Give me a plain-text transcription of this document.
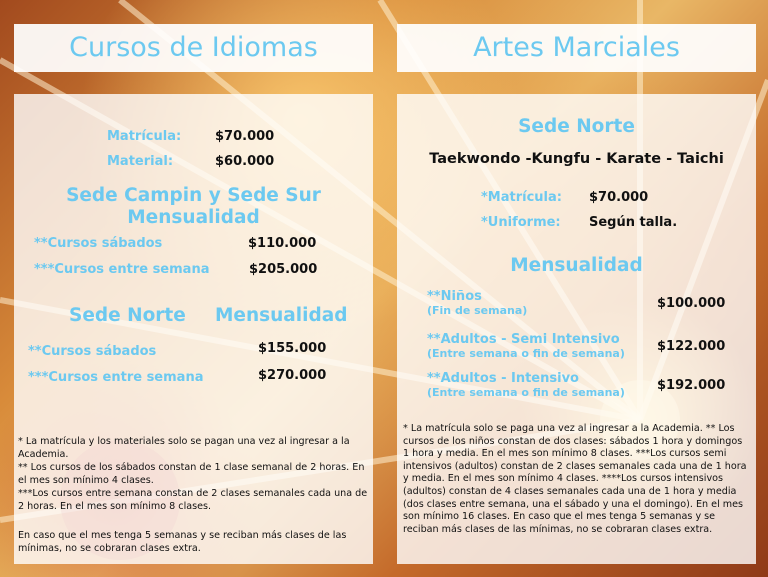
Cursos de Idiomas
Matrícula:	$70.000
Material:	$60.000
Sede Campin y Sede Sur
Mensualidad
**Cursos sábados	$110.000
***Cursos entre semana	$205.000
Sede Norte Mensualidad
**Cursos sábados	$155.000
***Cursos entre semana	$270.000
* La matrícula y los materiales solo se pagan una vez al ingresar a la Academia.
** Los cursos de los sábados constan de 1 clase semanal de 2 horas. En el mes son mínimo 4 clases.
***Los cursos entre semana constan de 2 clases semanales cada una de 2 horas. En el mes son mínimo 8 clases.
En caso que el mes tenga 5 semanas y se reciban más clases de las mínimas, no se cobraran clases extra.
Artes Marciales
Sede Norte
Taekwondo -Kungfu - Karate - Taichi
*Matrícula: $70.000
*Uniforme: Según talla.
Mensualidad
**Niños
(Fin de semana)	$100.000
**Adultos - Semi Intensivo
(Entre semana o fin de semana) $122.000
**Adultos - Intensivo
(Entre semana o fin de semana) $192.000
* La matrícula solo se paga una vez al ingresar a la Academia. ** Los cursos de los niños constan de dos clases: sábados 1 hora y domingos 1 hora y media. En el mes son mínimo 8 clases. ***Los cursos semi intensivos (adultos) constan de 2 clases semanales cada una de 1 hora y media. En el mes son mínimo 4 clases. ****Los cursos intensivos (adultos) constan de 4 clases semanales cada una de 1 hora y media (dos clases entre semana, una el sábado y una el domingo). En el mes son mínimo 16 clases. En caso que el mes tenga 5 semanas y se reciban más clases de las mínimas, no se cobraran clases extra.
